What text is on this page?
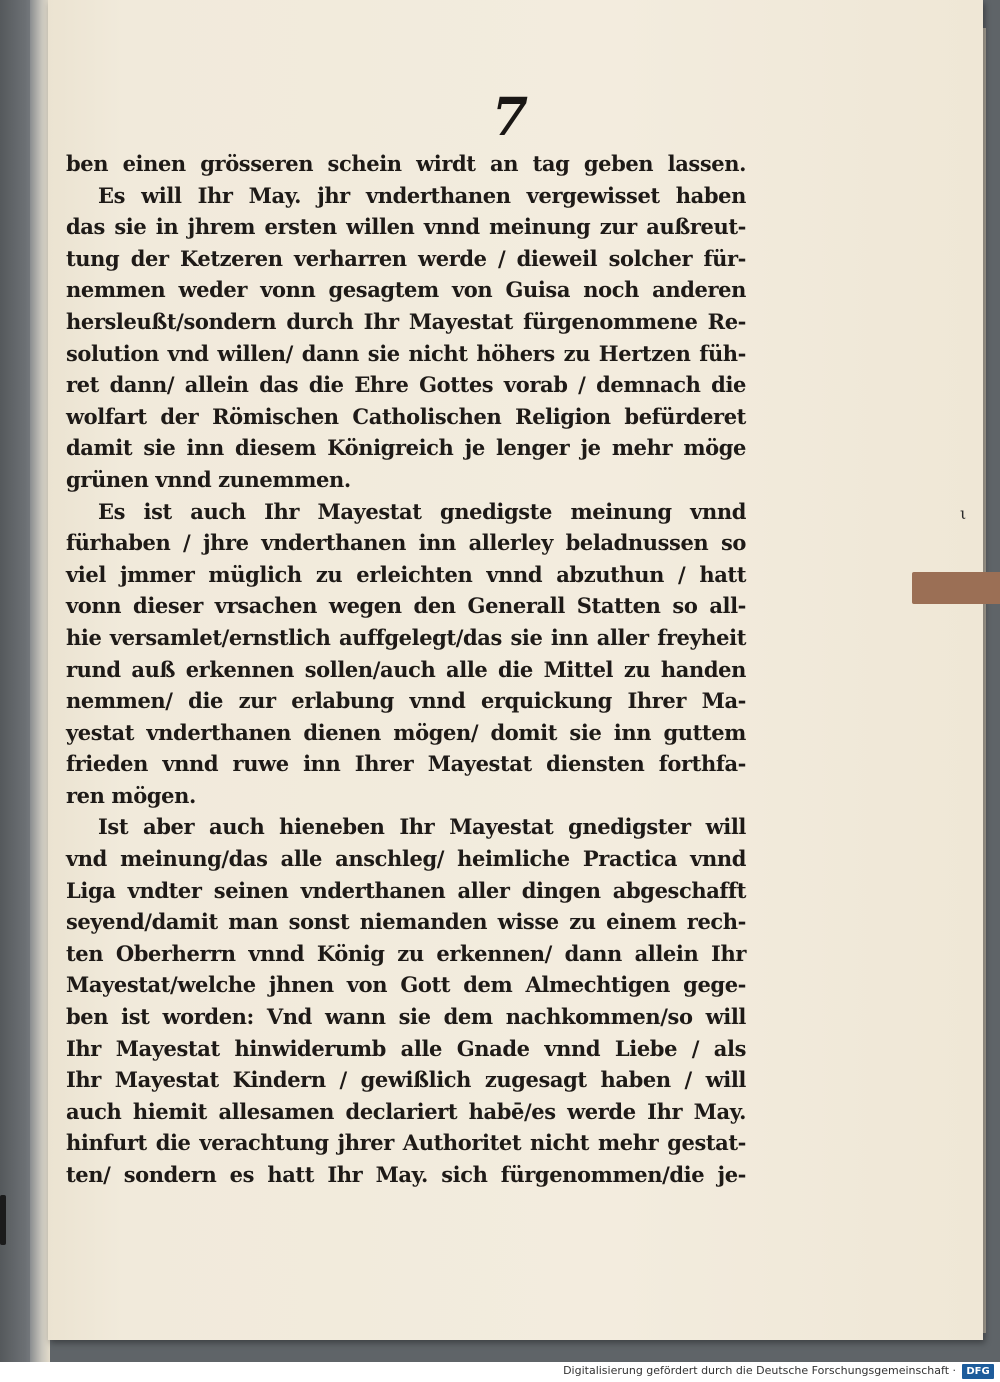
ι
7
ben einen grösseren schein wirdt an tag geben lassen.
Es will Ihr May. jhr vnderthanen vergewisset haben
das sie in jhrem ersten willen vnnd meinung zur außreut-
tung der Ketzeren verharren werde / dieweil solcher für-
nemmen weder vonn gesagtem von Guisa noch anderen
hersleußt/sondern durch Ihr Mayestat fürgenommene Re-
solution vnd willen/ dann sie nicht höhers zu Hertzen füh-
ret dann/ allein das die Ehre Gottes vorab / demnach die
wolfart der Römischen Catholischen Religion befürderet
damit sie inn diesem Königreich je lenger je mehr möge
grünen vnnd zunemmen.
Es ist auch Ihr Mayestat gnedigste meinung vnnd
fürhaben / jhre vnderthanen inn allerley beladnussen so
viel jmmer müglich zu erleichten vnnd abzuthun / hatt
vonn dieser vrsachen wegen den Generall Statten so all-
hie versamlet/ernstlich auffgelegt/das sie inn aller freyheit
rund auß erkennen sollen/auch alle die Mittel zu handen
nemmen/ die zur erlabung vnnd erquickung Ihrer Ma-
yestat vnderthanen dienen mögen/ domit sie inn guttem
frieden vnnd ruwe inn Ihrer Mayestat diensten forthfa-
ren mögen.
Ist aber auch hieneben Ihr Mayestat gnedigster will
vnd meinung/das alle anschleg/ heimliche Practica vnnd
Liga vndter seinen vnderthanen aller dingen abgeschafft
seyend/damit man sonst niemanden wisse zu einem rech-
ten Oberherrn vnnd König zu erkennen/ dann allein Ihr
Mayestat/welche jhnen von Gott dem Almechtigen gege-
ben ist worden: Vnd wann sie dem nachkommen/so will
Ihr Mayestat hinwiderumb alle Gnade vnnd Liebe / als
Ihr Mayestat Kindern / gewißlich zugesagt haben / will
auch hiemit allesamen declariert habē/es werde Ihr May.
hinfurt die verachtung jhrer Authoritet nicht mehr gestat-
ten/ sondern es hatt Ihr May. sich fürgenommen/die je-
Digitalisierung gefördert durch die Deutsche Forschungsgemeinschaft ·	DFG
